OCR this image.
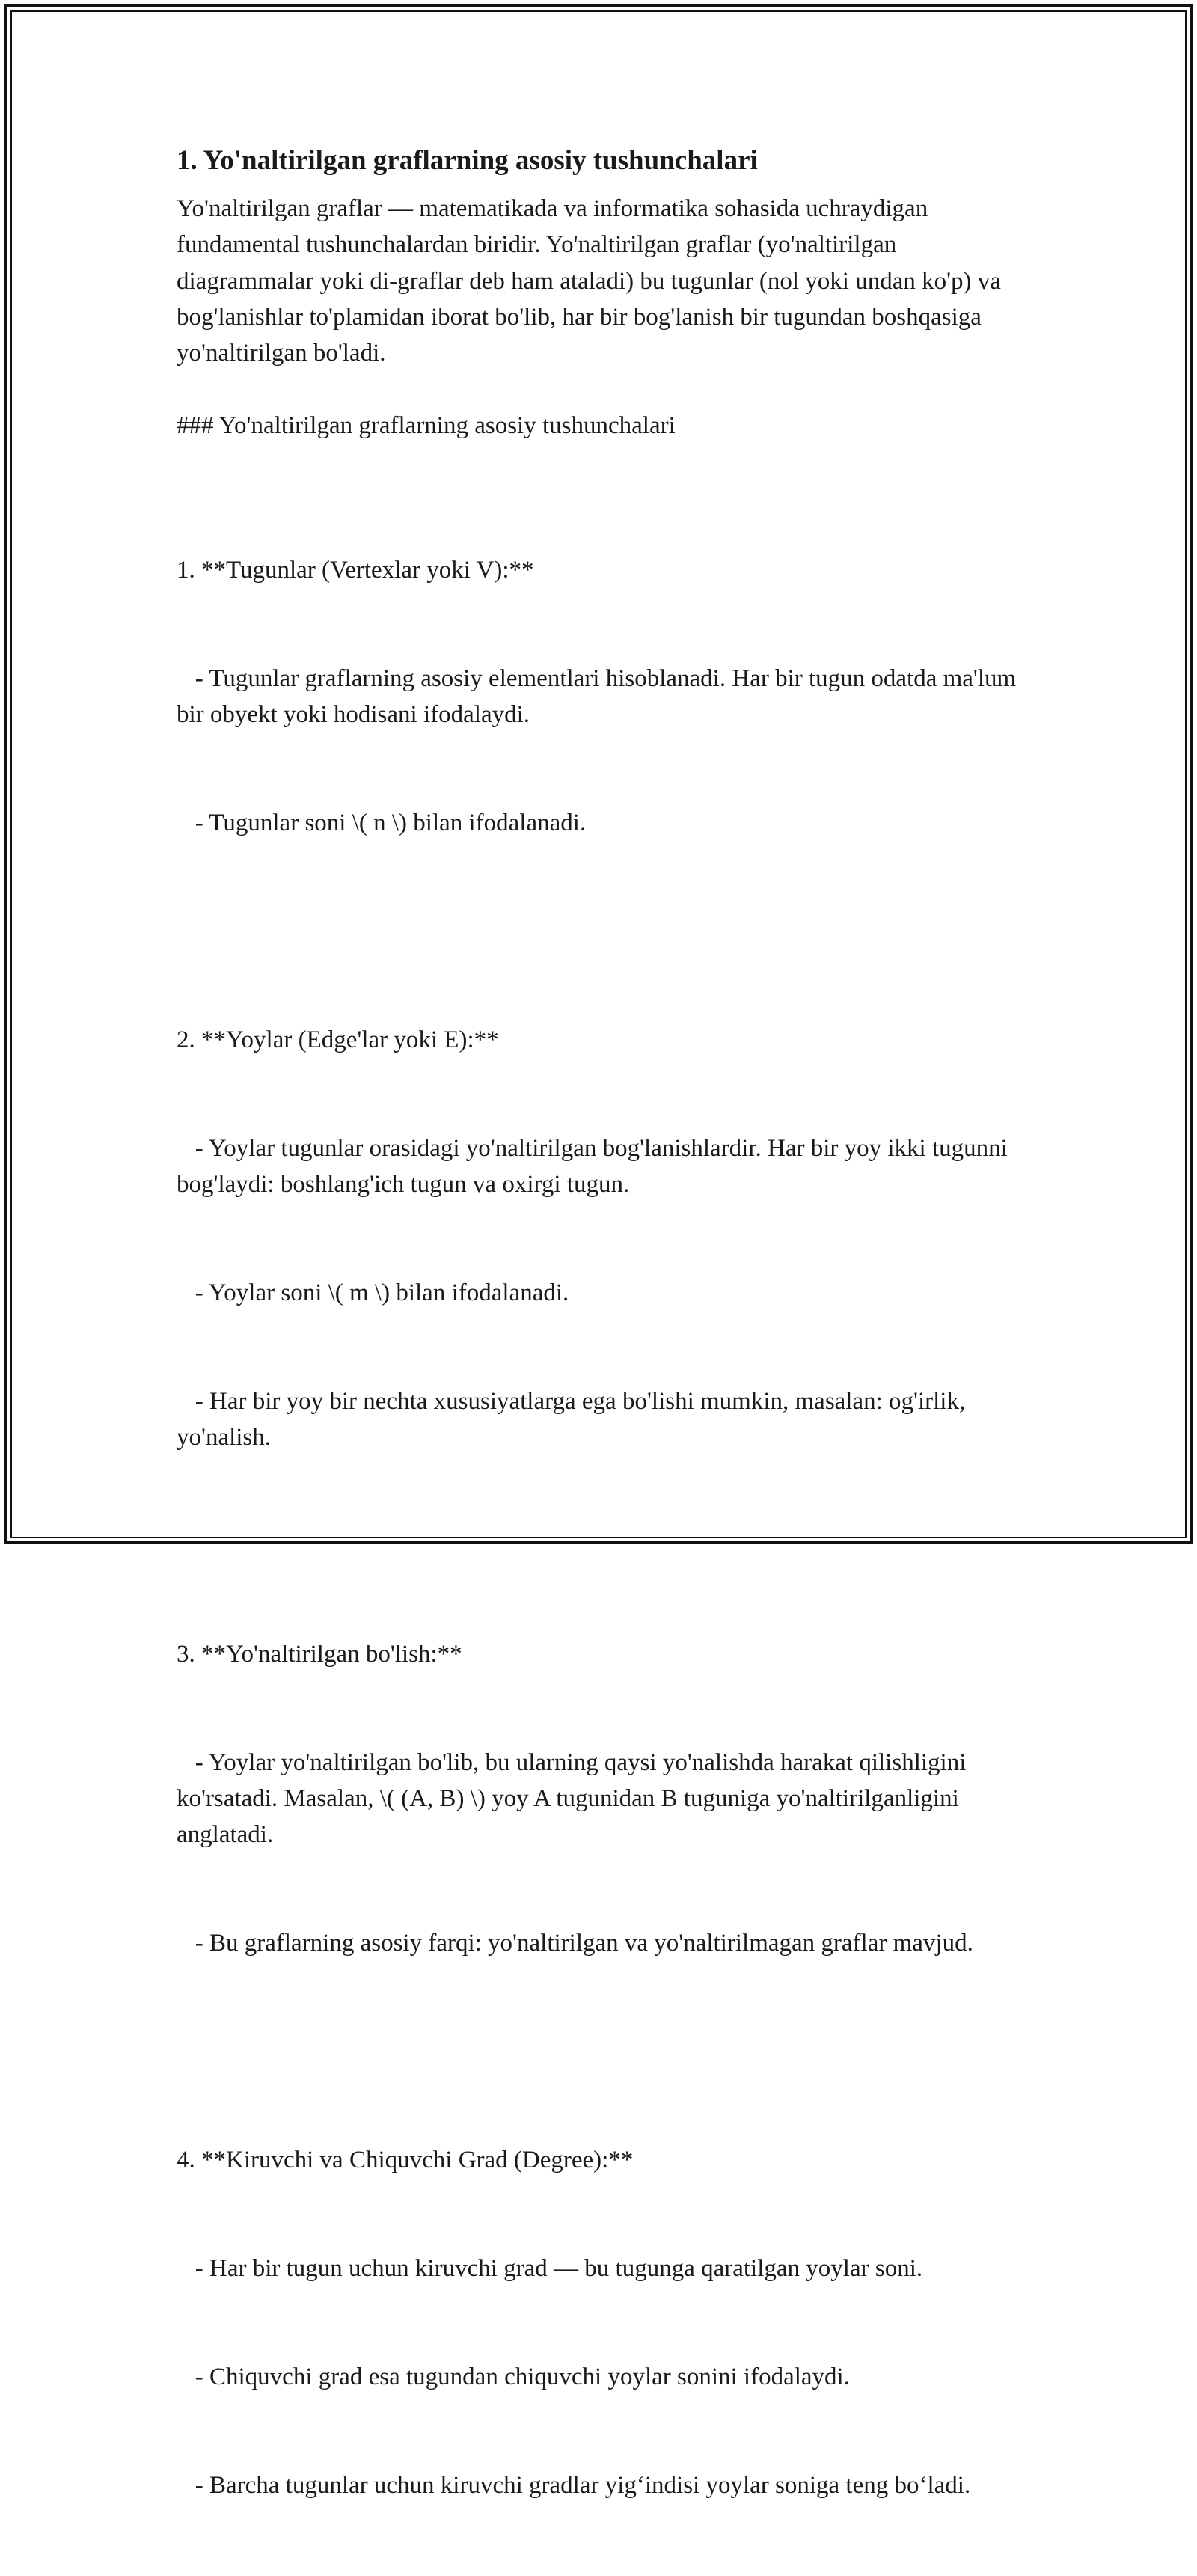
1. Yo'naltirilgan graflarning asosiy tushunchalari

Yo'naltirilgan graflar — matematikada va informatika sohasida uchraydigan fundamental tushunchalardan biridir. Yo'naltirilgan graflar (yo'naltirilgan diagrammalar yoki di-graflar deb ham ataladi) bu tugunlar (nol yoki undan ko'p) va bog'lanishlar to'plamidan iborat bo'lib, har bir bog'lanish bir tugundan boshqasiga yo'naltirilgan bo'ladi.

### Yo'naltirilgan graflarning asosiy tushunchalari

1. **Tugunlar (Vertexlar yoki V):**

- Tugunlar graflarning asosiy elementlari hisoblanadi. Har bir tugun odatda ma'lum bir obyekt yoki hodisani ifodalaydi.

- Tugunlar soni \( n \) bilan ifodalanadi.

2. **Yoylar (Edge'lar yoki E):**

- Yoylar tugunlar orasidagi yo'naltirilgan bog'lanishlardir. Har bir yoy ikki tugunni bog'laydi: boshlang'ich tugun va oxirgi tugun.

- Yoylar soni \( m \) bilan ifodalanadi.

- Har bir yoy bir nechta xususiyatlarga ega bo'lishi mumkin, masalan: og'irlik, yo'nalish.

3. **Yo'naltirilgan bo'lish:**

- Yoylar yo'naltirilgan bo'lib, bu ularning qaysi yo'nalishda harakat qilishligini ko'rsatadi. Masalan, \( (A, B) \) yoy A tugunidan B tuguniga yo'naltirilganligini anglatadi.

- Bu graflarning asosiy farqi: yo'naltirilgan va yo'naltirilmagan graflar mavjud.

4. **Kiruvchi va Chiquvchi Grad (Degree):**

- Har bir tugun uchun kiruvchi grad — bu tugunga qaratilgan yoylar soni.

- Chiquvchi grad esa tugundan chiquvchi yoylar sonini ifodalaydi.

- Barcha tugunlar uchun kiruvchi gradlar yig‘indisi yoylar soniga teng bo‘ladi.
